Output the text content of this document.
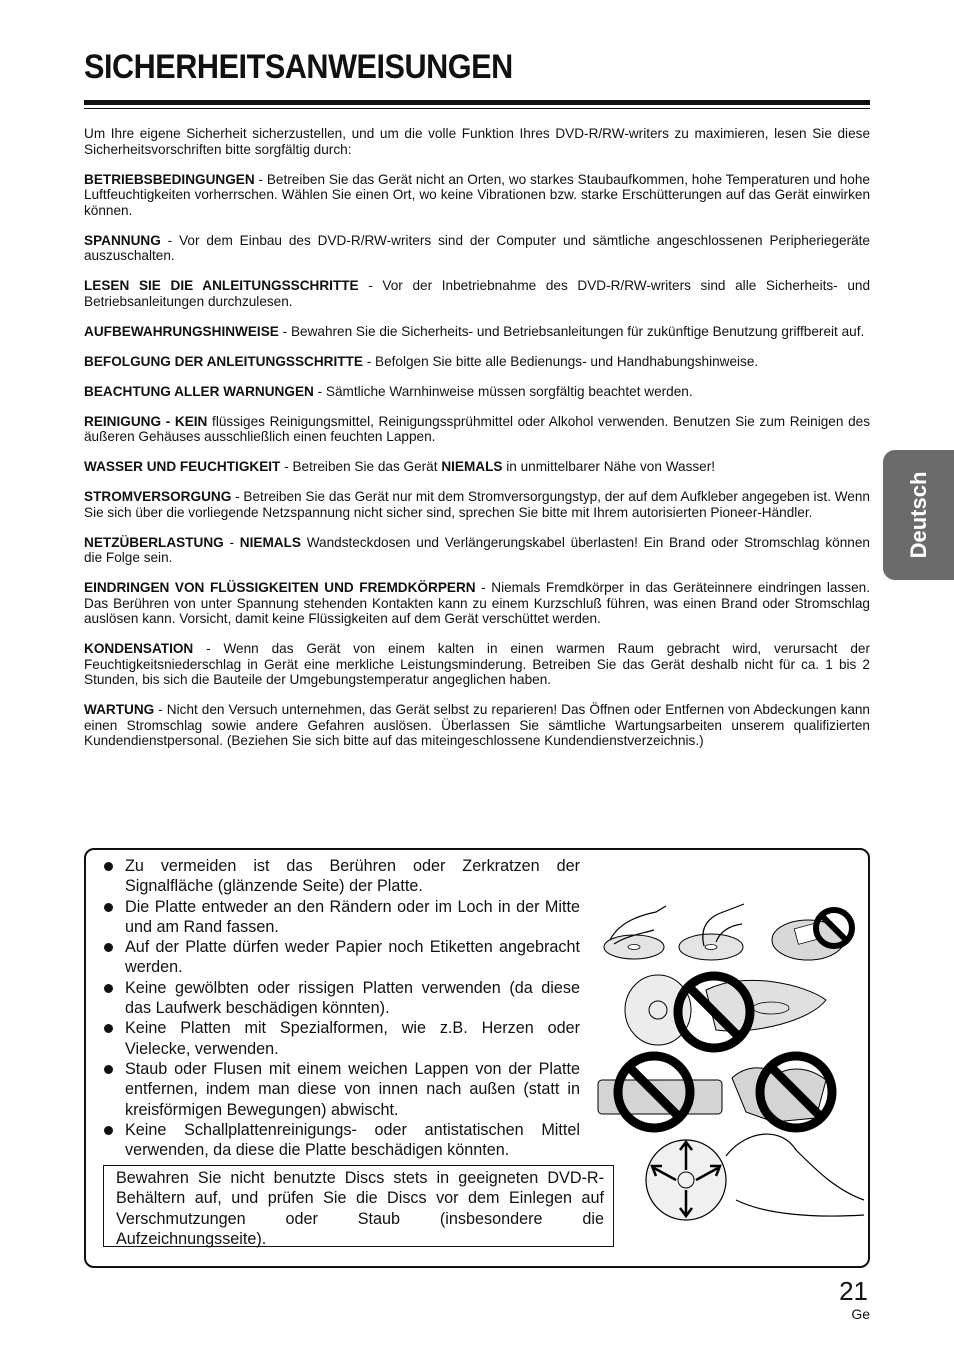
SICHERHEITSANWEISUNGEN

Um Ihre eigene Sicherheit sicherzustellen, und um die volle Funktion Ihres DVD-R/RW-writers zu maximieren, lesen Sie diese Sicherheitsvorschriften bitte sorgfältig durch:

BETRIEBSBEDINGUNGEN - Betreiben Sie das Gerät nicht an Orten, wo starkes Staubaufkommen, hohe Temperaturen und hohe Luftfeuchtigkeiten vorherrschen. Wählen Sie einen Ort, wo keine Vibrationen bzw. starke Erschütterungen auf das Gerät einwirken können.

SPANNUNG - Vor dem Einbau des DVD-R/RW-writers sind der Computer und sämtliche angeschlossenen Peripheriegeräte auszuschalten.

LESEN SIE DIE ANLEITUNGSSCHRITTE - Vor der Inbetriebnahme des DVD-R/RW-writers sind alle Sicherheits- und Betriebsanleitungen durchzulesen.

AUFBEWAHRUNGSHINWEISE - Bewahren Sie die Sicherheits- und Betriebsanleitungen für zukünftige Benutzung griffbereit auf.

BEFOLGUNG DER ANLEITUNGSSCHRITTE - Befolgen Sie bitte alle Bedienungs- und Handhabungshinweise.

BEACHTUNG ALLER WARNUNGEN - Sämtliche Warnhinweise müssen sorgfältig beachtet werden.

REINIGUNG - KEIN flüssiges Reinigungsmittel, Reinigungssprühmittel oder Alkohol verwenden. Benutzen Sie zum Reinigen des äußeren Gehäuses ausschließlich einen feuchten Lappen.

WASSER UND FEUCHTIGKEIT - Betreiben Sie das Gerät NIEMALS in unmittelbarer Nähe von Wasser!

STROMVERSORGUNG - Betreiben Sie das Gerät nur mit dem Stromversorgungstyp, der auf dem Aufkleber angegeben ist. Wenn Sie sich über die vorliegende Netzspannung nicht sicher sind, sprechen Sie bitte mit Ihrem autorisierten Pioneer-Händler.

NETZÜBERLASTUNG - NIEMALS Wandsteckdosen und Verlängerungskabel überlasten! Ein Brand oder Stromschlag können die Folge sein.

EINDRINGEN VON FLÜSSIGKEITEN UND FREMDKÖRPERN - Niemals Fremdkörper in das Geräteinnere eindringen lassen. Das Berühren von unter Spannung stehenden Kontakten kann zu einem Kurzschluß führen, was einen Brand oder Stromschlag auslösen kann. Vorsicht, damit keine Flüssigkeiten auf dem Gerät verschüttet werden.

KONDENSATION - Wenn das Gerät von einem kalten in einen warmen Raum gebracht wird, verursacht der Feuchtigkeitsniederschlag in Gerät eine merkliche Leistungsminderung. Betreiben Sie das Gerät deshalb nicht für ca. 1 bis 2 Stunden, bis sich die Bauteile der Umgebungstemperatur angeglichen haben.

WARTUNG - Nicht den Versuch unternehmen, das Gerät selbst zu reparieren! Das Öffnen oder Entfernen von Abdeckungen kann einen Stromschlag sowie andere Gefahren auslösen. Überlassen Sie sämtliche Wartungsarbeiten unserem qualifizierten Kundendienstpersonal. (Beziehen Sie sich bitte auf das miteingeschlossene Kundendienstverzeichnis.)

Deutsch
Zu vermeiden ist das Berühren oder Zerkratzen der Signalfläche (glänzende Seite) der Platte.
Die Platte entweder an den Rändern oder im Loch in der Mitte und am Rand fassen.
Auf der Platte dürfen weder Papier noch Etiketten angebracht werden.
Keine gewölbten oder rissigen Platten verwenden (da diese das Laufwerk beschädigen könnten).
Keine Platten mit Spezialformen, wie z.B. Herzen oder Vielecke, verwenden.
Staub oder Flusen mit einem weichen Lappen von der Platte entfernen, indem man diese von innen nach außen (statt in kreisförmigen Bewegungen) abwischt.
Keine Schallplattenreinigungs- oder antistatischen Mittel verwenden, da diese die Platte beschädigen könnten.
Bewahren Sie nicht benutzte Discs stets in geeigneten DVD-R-Behältern auf, und prüfen Sie die Discs vor dem Einlegen auf Verschmutzungen oder Staub (insbesondere die Aufzeichnungsseite).
21
Ge
